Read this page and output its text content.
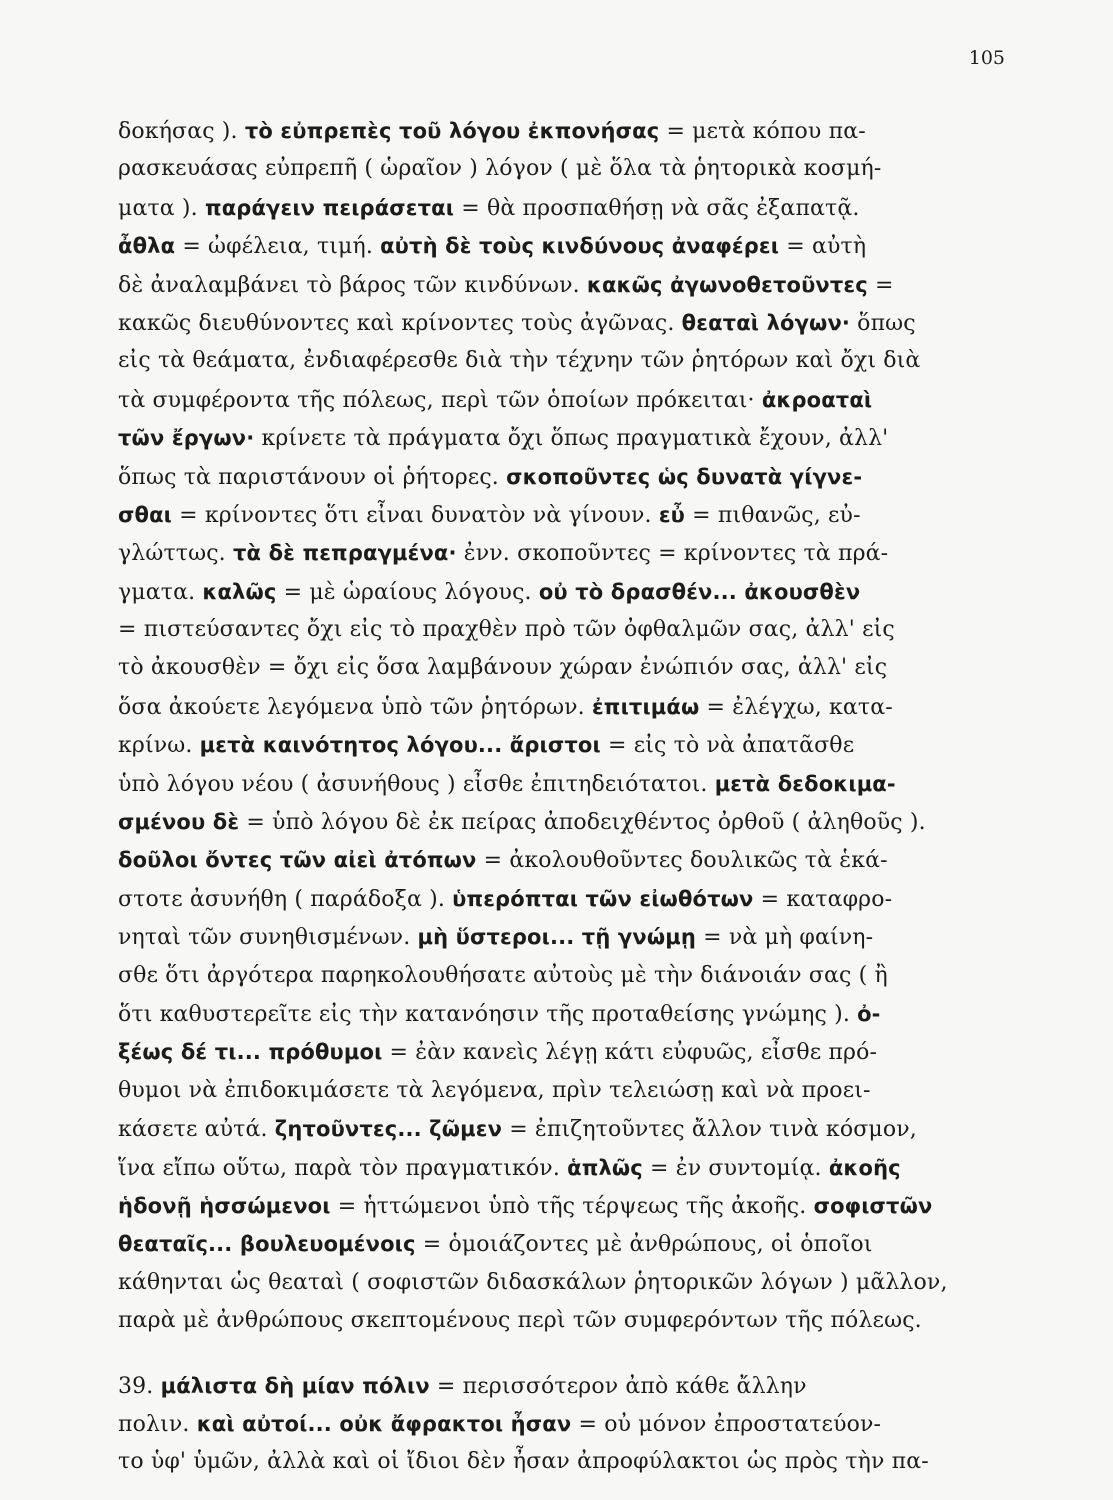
105
δοκήσας ). τὸ εὐπρεπὲς τοῦ λόγου ἐκπονήσας = μετὰ κόπου πα-
ρασκευάσας εὐπρεπῆ ( ὡραῖον ) λόγον ( μὲ ὅλα τὰ ῥητορικὰ κοσμή-
ματα ). παράγειν πειράσεται = θὰ προσπαθήσῃ νὰ σᾶς ἐξαπατᾷ.
ἆθλα = ὠφέλεια, τιμή. αὐτὴ δὲ τοὺς κινδύνους ἀναφέρει = αὐτὴ
δὲ ἀναλαμβάνει τὸ βάρος τῶν κινδύνων. κακῶς ἀγωνοθετοῦντες =
κακῶς διευθύνοντες καὶ κρίνοντες τοὺς ἀγῶνας. θεαταὶ λόγων· ὅπως
εἰς τὰ θεάματα, ἐνδιαφέρεσθε διὰ τὴν τέχνην τῶν ῥητόρων καὶ ὄχι διὰ
τὰ συμφέροντα τῆς πόλεως, περὶ τῶν ὁποίων πρόκειται· ἀκροαταὶ
τῶν ἔργων· κρίνετε τὰ πράγματα ὄχι ὅπως πραγματικὰ ἔχουν, ἀλλ'
ὅπως τὰ παριστάνουν οἱ ῥήτορες. σκοποῦντες ὡς δυνατὰ γίγνε-
σθαι = κρίνοντες ὅτι εἶναι δυνατὸν νὰ γίνουν. εὖ = πιθανῶς, εὐ-
γλώττως. τὰ δὲ πεπραγμένα· ἐνν. σκοποῦντες = κρίνοντες τὰ πρά-
γματα. καλῶς = μὲ ὡραίους λόγους. οὐ τὸ δρασθέν... ἀκουσθὲν
= πιστεύσαντες ὄχι εἰς τὸ πραχθὲν πρὸ τῶν ὀφθαλμῶν σας, ἀλλ' εἰς
τὸ ἀκουσθὲν = ὄχι εἰς ὅσα λαμβάνουν χώραν ἐνώπιόν σας, ἀλλ' εἰς
ὅσα ἀκούετε λεγόμενα ὑπὸ τῶν ῥητόρων. ἐπιτιμάω = ἐλέγχω, κατα-
κρίνω. μετὰ καινότητος λόγου... ἄριστοι = εἰς τὸ νὰ ἀπατᾶσθε
ὑπὸ λόγου νέου ( ἀσυνήθους ) εἶσθε ἐπιτηδειότατοι. μετὰ δεδοκιμα-
σμένου δὲ = ὑπὸ λόγου δὲ ἐκ πείρας ἀποδειχθέντος ὀρθοῦ ( ἀληθοῦς ).
δοῦλοι ὄντες τῶν αἰεὶ ἀτόπων = ἀκολουθοῦντες δουλικῶς τὰ ἑκά-
στοτε ἀσυνήθη ( παράδοξα ). ὑπερόπται τῶν εἰωθότων = καταφρο-
νηταὶ τῶν συνηθισμένων. μὴ ὕστεροι... τῇ γνώμῃ = νὰ μὴ φαίνη-
σθε ὅτι ἀργότερα παρηκολουθήσατε αὐτοὺς μὲ τὴν διάνοιάν σας ( ἢ
ὅτι καθυστερεῖτε εἰς τὴν κατανόησιν τῆς προταθείσης γνώμης ). ὀ-
ξέως δέ τι... πρόθυμοι = ἐὰν κανεὶς λέγῃ κάτι εὐφυῶς, εἶσθε πρό-
θυμοι νὰ ἐπιδοκιμάσετε τὰ λεγόμενα, πρὶν τελειώσῃ καὶ νὰ προει-
κάσετε αὐτά. ζητοῦντες... ζῶμεν = ἐπιζητοῦντες ἄλλον τινὰ κόσμον,
ἵνα εἴπω οὕτω, παρὰ τὸν πραγματικόν. ἁπλῶς = ἐν συντομίᾳ. ἀκοῆς
ἡδονῇ ἡσσώμενοι = ἡττώμενοι ὑπὸ τῆς τέρψεως τῆς ἀκοῆς. σοφιστῶν
θεαταῖς... βουλευομένοις = ὁμοιάζοντες μὲ ἀνθρώπους, οἱ ὁποῖοι
κάθηνται ὡς θεαταὶ ( σοφιστῶν διδασκάλων ῥητορικῶν λόγων ) μᾶλλον,
παρὰ μὲ ἀνθρώπους σκεπτομένους περὶ τῶν συμφερόντων τῆς πόλεως.
39. μάλιστα δὴ μίαν πόλιν = περισσότερον ἀπὸ κάθε ἄλλην
πολιν. καὶ αὐτοί... οὐκ ἄφρακτοι ἦσαν = οὐ μόνον ἐπροστατεύον-
το ὑφ' ὑμῶν, ἀλλὰ καὶ οἱ ἴδιοι δὲν ἦσαν ἀπροφύλακτοι ὡς πρὸς τὴν πα-
